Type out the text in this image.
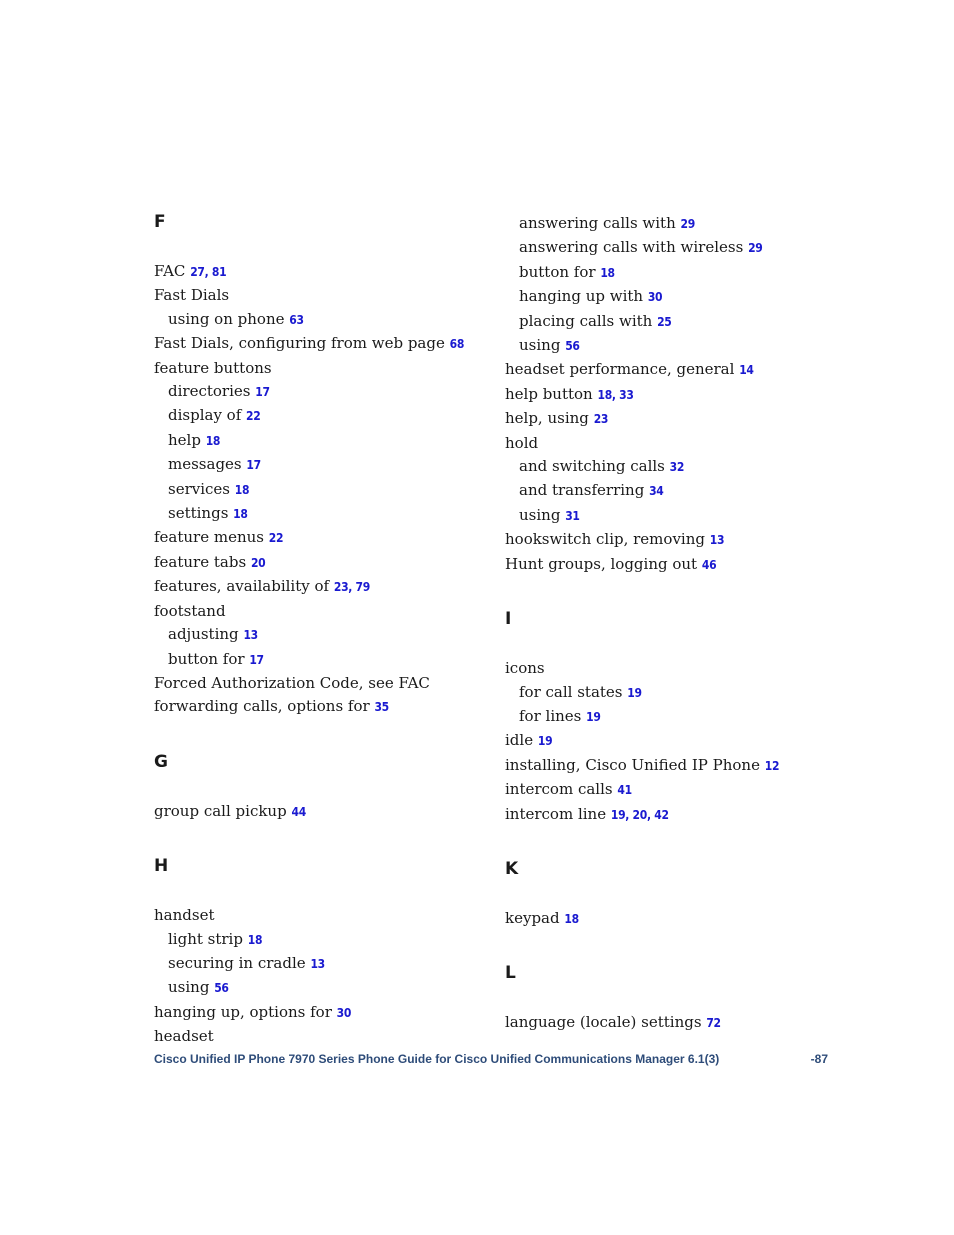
F
FAC 27, 81
Fast Dials
using on phone 63
Fast Dials, configuring from web page 68
feature buttons
directories 17
display of 22
help 18
messages 17
services 18
settings 18
feature menus 22
feature tabs 20
features, availability of 23, 79
footstand
adjusting 13
button for 17
Forced Authorization Code, see FAC
forwarding calls, options for 35
G
group call pickup 44
H
handset
light strip 18
securing in cradle 13
using 56
hanging up, options for 30
headset
answering calls with 29
answering calls with wireless 29
button for 18
hanging up with 30
placing calls with 25
using 56
headset performance, general 14
help button 18, 33
help, using 23
hold
and switching calls 32
and transferring 34
using 31
hookswitch clip, removing 13
Hunt groups, logging out 46
I
icons
for call states 19
for lines 19
idle 19
installing, Cisco Unified IP Phone 12
intercom calls 41
intercom line 19, 20, 42
K
keypad 18
L
language (locale) settings 72
Cisco Unified IP Phone 7970 Series Phone Guide for Cisco Unified Communications Manager 6.1(3)	-87
